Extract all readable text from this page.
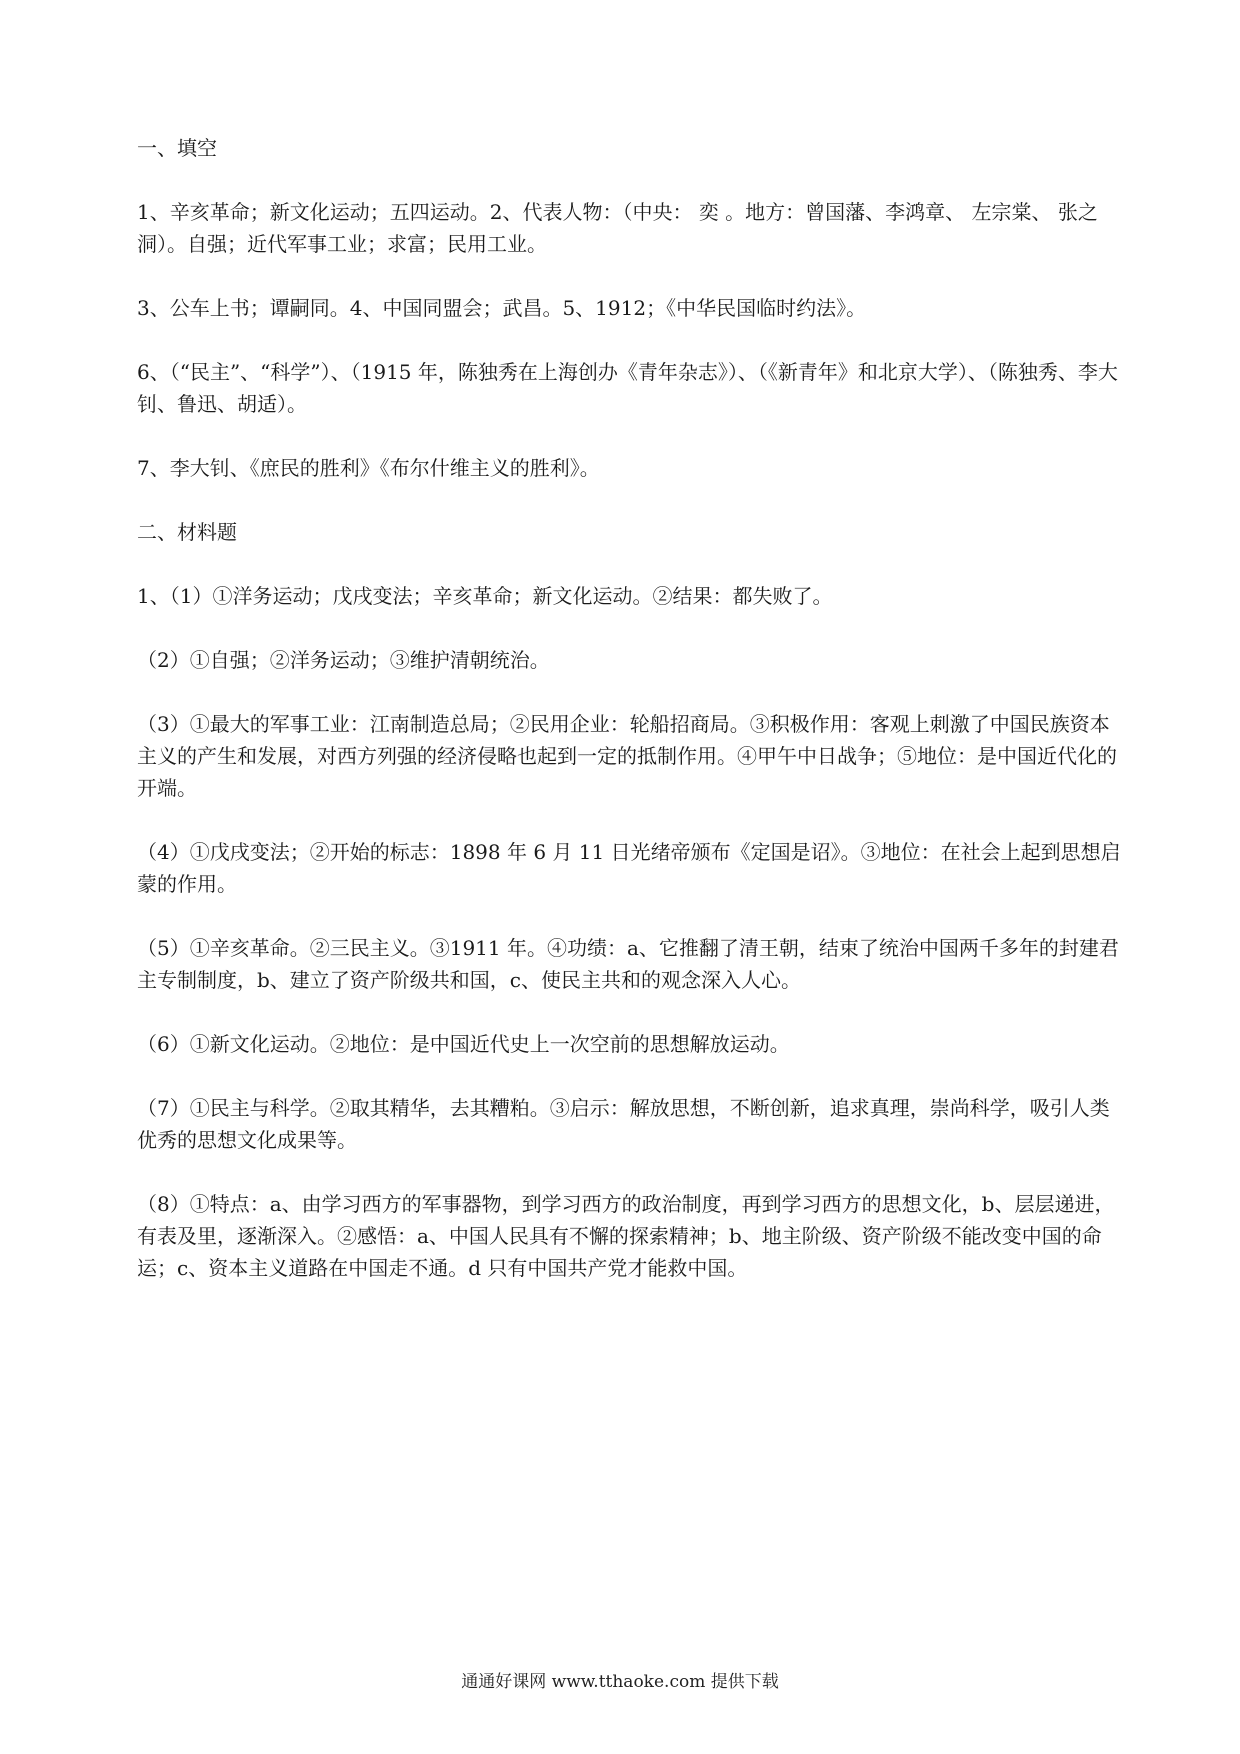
一、填空
1、辛亥革命；新文化运动；五四运动。2、代表人物：（中央： 奕 。地方：曾国藩、李鸿章、 左宗棠、 张之洞）。自强；近代军事工业；求富；民用工业。
3、公车上书；谭嗣同。4、中国同盟会；武昌。5、1912；《中华民国临时约法》。
6、（“民主”、“科学”）、（1915 年，陈独秀在上海创办《青年杂志》）、（《新青年》和北京大学）、（陈独秀、李大钊、鲁迅、胡适）。
7、李大钊、《庶民的胜利》《布尔什维主义的胜利》。
二、材料题
1、（1）①洋务运动；戊戌变法；辛亥革命；新文化运动。②结果：都失败了。
（2）①自强；②洋务运动；③维护清朝统治。
（3）①最大的军事工业：江南制造总局；②民用企业：轮船招商局。③积极作用：客观上刺激了中国民族资本主义的产生和发展，对西方列强的经济侵略也起到一定的抵制作用。④甲午中日战争；⑤地位：是中国近代化的开端。
（4）①戊戌变法；②开始的标志：1898 年 6 月 11 日光绪帝颁布《定国是诏》。③地位：在社会上起到思想启蒙的作用。
（5）①辛亥革命。②三民主义。③1911 年。④功绩：a、它推翻了清王朝，结束了统治中国两千多年的封建君主专制制度，b、建立了资产阶级共和国，c、使民主共和的观念深入人心。
（6）①新文化运动。②地位：是中国近代史上一次空前的思想解放运动。
（7）①民主与科学。②取其精华，去其糟粕。③启示：解放思想，不断创新，追求真理，崇尚科学，吸引人类优秀的思想文化成果等。
（8）①特点：a、由学习西方的军事器物，到学习西方的政治制度，再到学习西方的思想文化，b、层层递进，有表及里，逐渐深入。②感悟：a、中国人民具有不懈的探索精神；b、地主阶级、资产阶级不能改变中国的命运；c、资本主义道路在中国走不通。d 只有中国共产党才能救中国。
通通好课网 www.tthaoke.com 提供下载
